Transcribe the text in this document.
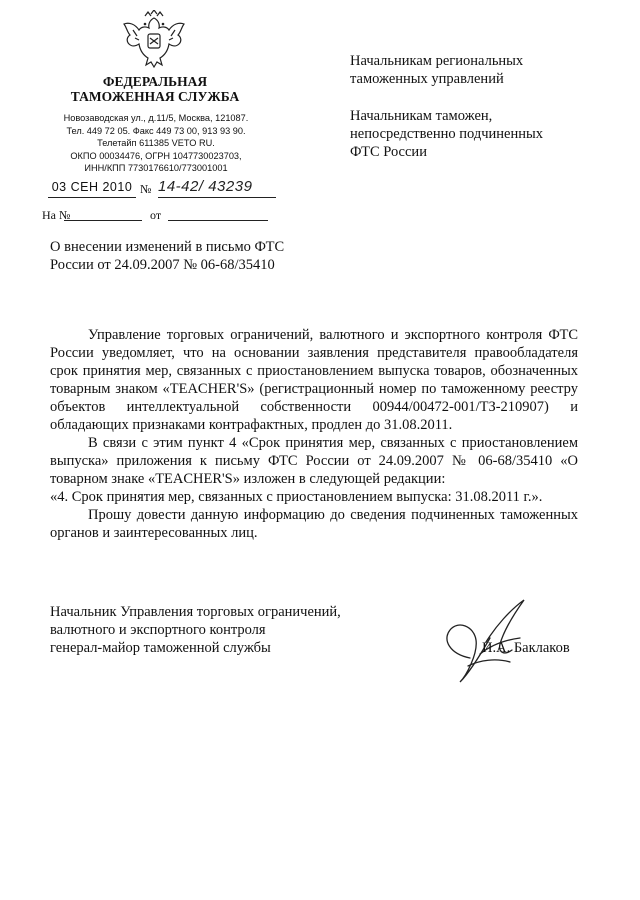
ФЕДЕРАЛЬНАЯ
ТАМОЖЕННАЯ СЛУЖБА
Новозаводская ул., д.11/5, Москва, 121087.
Тел. 449 72 05. Факс 449 73 00, 913 93 90.
Телетайп 611385 VETO RU.
ОКПО 00034476, ОГРН 1047730023703,
ИНН/КПП 7730176610/773001001
03 СЕН 2010 № 14-42/ 43239
На №	от
Начальникам региональных
таможенных управлений
Начальникам таможен,
непосредственно подчиненных
ФТС России
О внесении изменений в письмо ФТС
России от 24.09.2007 № 06-68/35410

Управление торговых ограничений, валютного и экспортного контроля ФТС России уведомляет, что на основании заявления представителя правообладателя срок принятия мер, связанных с приостановлением выпуска товаров, обозначенных товарным знаком «TEACHER'S» (регистрационный номер по таможенному реестру объектов интеллектуальной собственности 00944/00472-001/ТЗ-210907) и обладающих признаками контрафактных, продлен до 31.08.2011.

В связи с этим пункт 4 «Срок принятия мер, связанных с приостановлением выпуска» приложения к письму ФТС России от 24.09.2007 № 06-68/35410 «О товарном знаке «TEACHER'S» изложен в следующей редакции:

«4. Срок принятия мер, связанных с приостановлением выпуска: 31.08.2011 г.».

Прошу довести данную информацию до сведения подчиненных таможенных органов и заинтересованных лиц.

Начальник Управления торговых ограничений,
валютного и экспортного контроля
генерал-майор таможенной службы	И.А. Баклаков
